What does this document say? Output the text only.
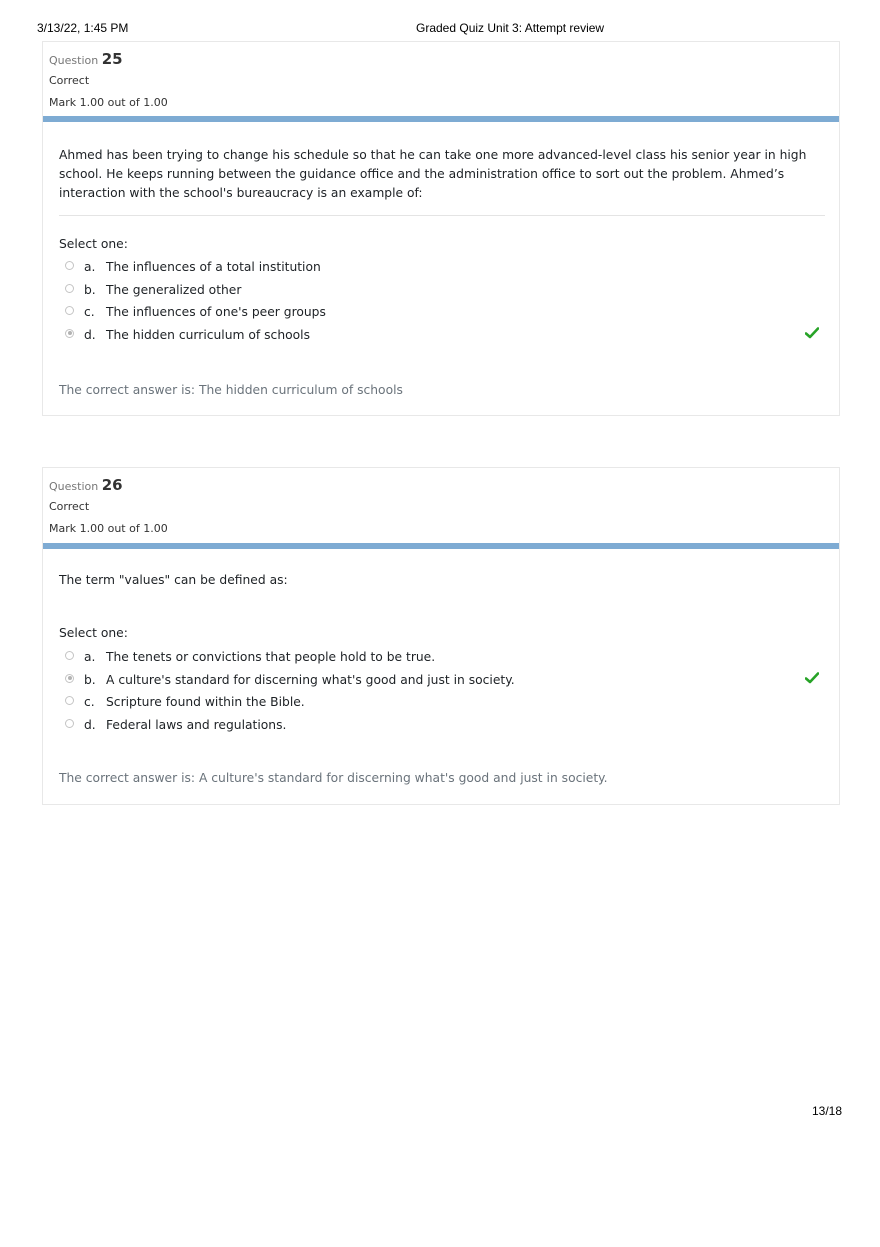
3/13/22, 1:45 PM	Graded Quiz Unit 3: Attempt review
Question 25
Correct
Mark 1.00 out of 1.00
Ahmed has been trying to change his schedule so that he can take one more advanced-level class his senior year in high school. He keeps running between the guidance office and the administration office to sort out the problem. Ahmed’s interaction with the school's bureaucracy is an example of:
Select one:
a. The influences of a total institution
b. The generalized other
c. The influences of one's peer groups
d. The hidden curriculum of schools
The correct answer is: The hidden curriculum of schools
Question 26
Correct
Mark 1.00 out of 1.00
The term "values" can be defined as:
Select one:
a. The tenets or convictions that people hold to be true.
b. A culture's standard for discerning what's good and just in society.
c. Scripture found within the Bible.
d. Federal laws and regulations.
The correct answer is: A culture's standard for discerning what's good and just in society.
13/18
